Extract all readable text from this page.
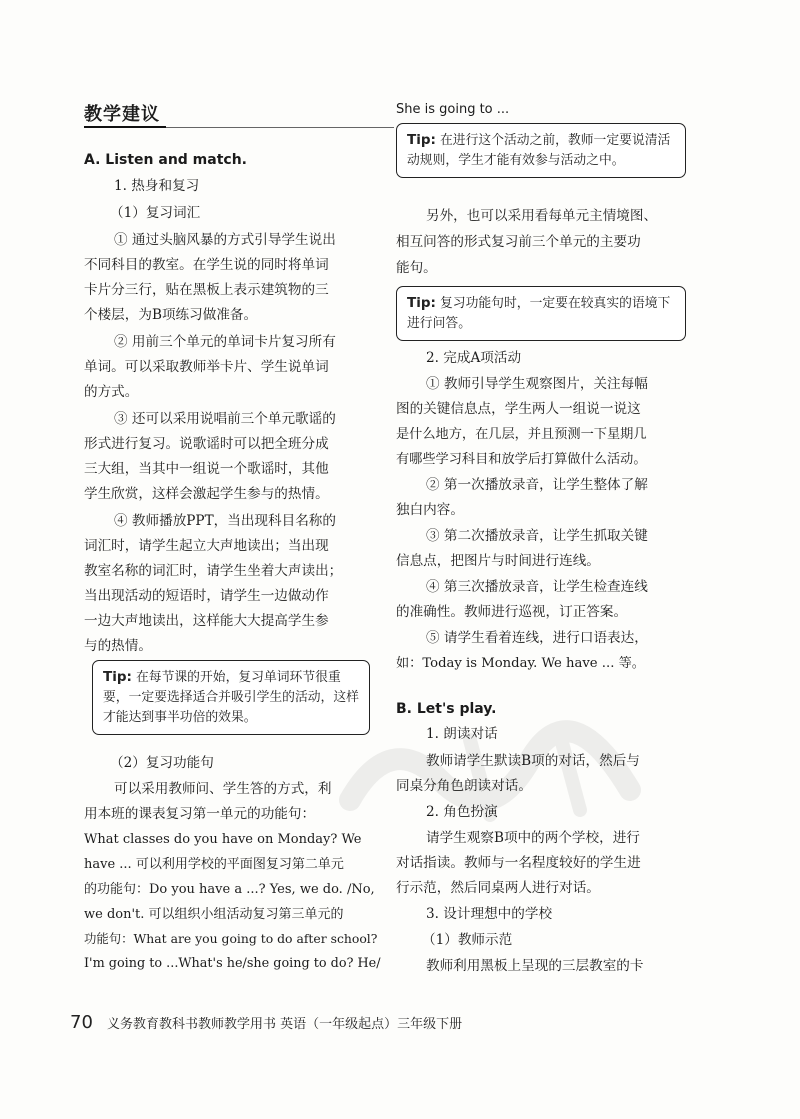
教学建议
A. Listen and match.
1. 热身和复习
（1）复习词汇
① 通过头脑风暴的方式引导学生说出
不同科目的教室。在学生说的同时将单词
卡片分三行，贴在黑板上表示建筑物的三
个楼层，为B项练习做准备。
② 用前三个单元的单词卡片复习所有
单词。可以采取教师举卡片、学生说单词
的方式。
③ 还可以采用说唱前三个单元歌谣的
形式进行复习。说歌谣时可以把全班分成
三大组，当其中一组说一个歌谣时，其他
学生欣赏，这样会激起学生参与的热情。
④ 教师播放PPT，当出现科目名称的
词汇时，请学生起立大声地读出；当出现
教室名称的词汇时，请学生坐着大声读出；
当出现活动的短语时，请学生一边做动作
一边大声地读出，这样能大大提高学生参
与的热情。
Tip: 在每节课的开始，复习单词环节很重要，一定要选择适合并吸引学生的活动，这样才能达到事半功倍的效果。
（2）复习功能句
可以采用教师问、学生答的方式，利
用本班的课表复习第一单元的功能句：
What classes do you have on Monday? We
have ... 可以利用学校的平面图复习第二单元
的功能句：Do you have a ...? Yes, we do. /No,
we don't. 可以组织小组活动复习第三单元的
功能句：What are you going to do after school?
I'm going to ...What's he/she going to do? He/
She is going to ...
Tip: 在进行这个活动之前，教师一定要说清活动规则，学生才能有效参与活动之中。
另外，也可以采用看每单元主情境图、
相互问答的形式复习前三个单元的主要功
能句。
Tip: 复习功能句时，一定要在较真实的语境下进行问答。
2. 完成A项活动
① 教师引导学生观察图片，关注每幅
图的关键信息点，学生两人一组说一说这
是什么地方，在几层，并且预测一下星期几
有哪些学习科目和放学后打算做什么活动。
② 第一次播放录音，让学生整体了解
独白内容。
③ 第二次播放录音，让学生抓取关键
信息点，把图片与时间进行连线。
④ 第三次播放录音，让学生检查连线
的准确性。教师进行巡视，订正答案。
⑤ 请学生看着连线，进行口语表达，
如：Today is Monday. We have ... 等。
B. Let's play.
1. 朗读对话
教师请学生默读B项的对话，然后与
同桌分角色朗读对话。
2. 角色扮演
请学生观察B项中的两个学校，进行
对话指读。教师与一名程度较好的学生进
行示范，然后同桌两人进行对话。
3. 设计理想中的学校
（1）教师示范
教师利用黑板上呈现的三层教室的卡
70 义务教育教科书教师教学用书 英语（一年级起点）三年级下册
